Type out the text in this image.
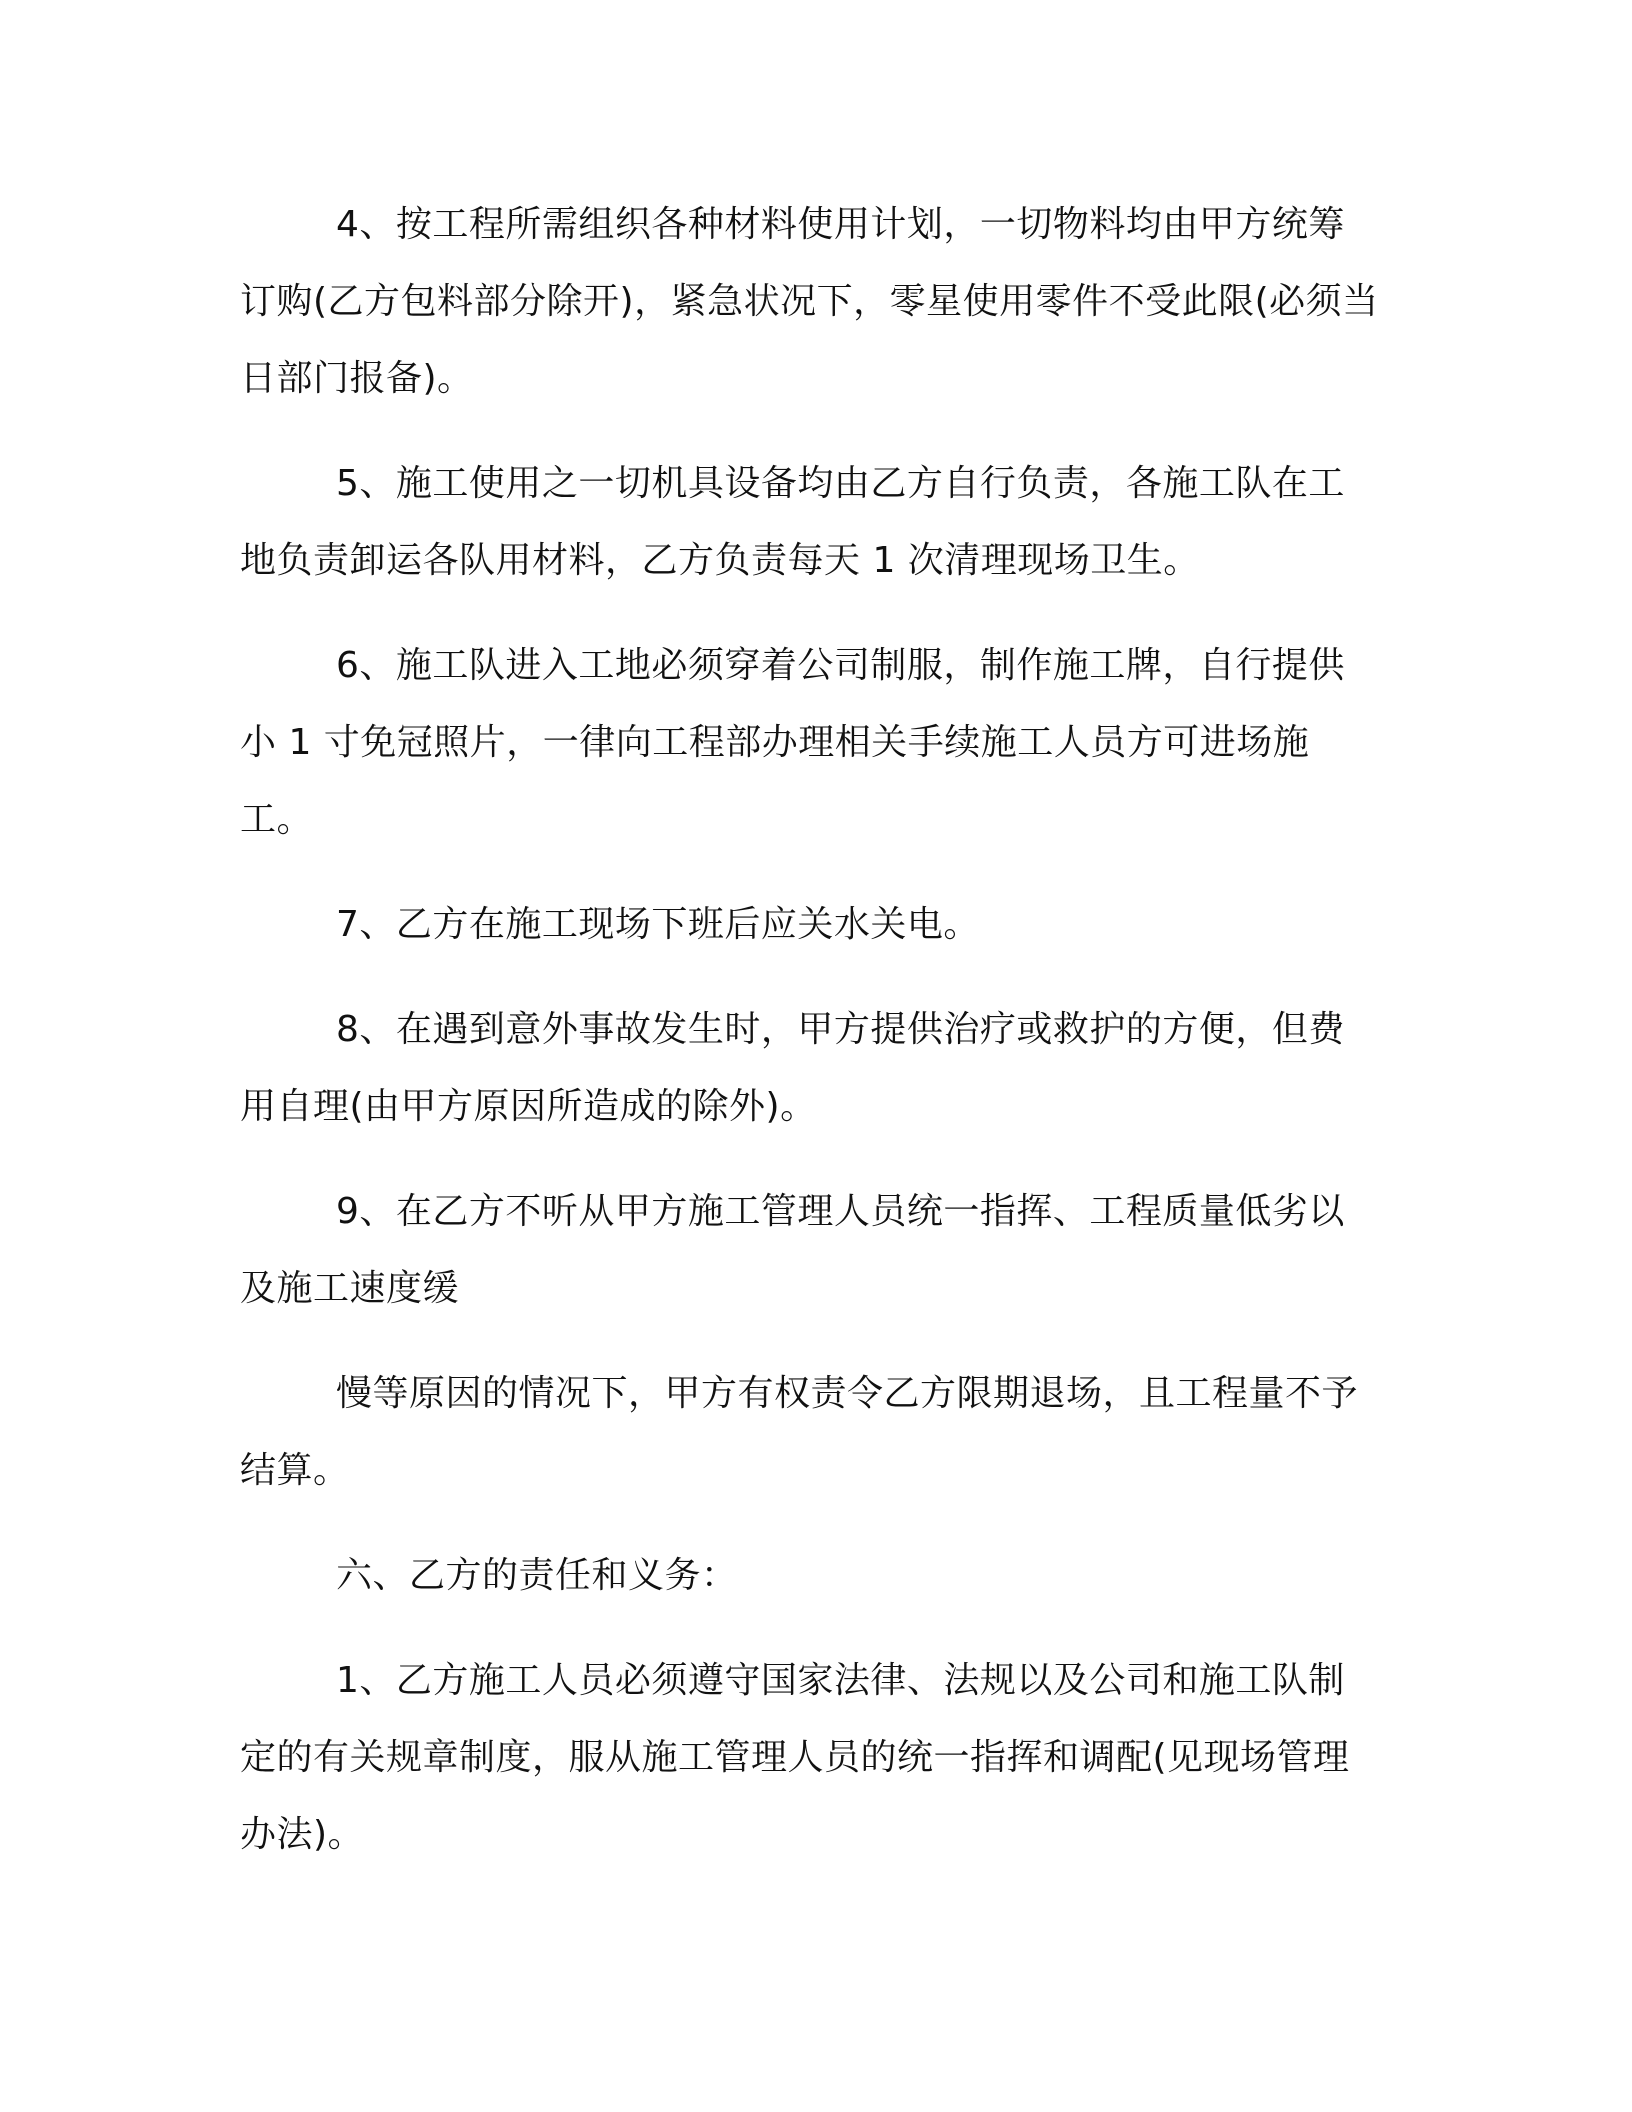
4、按工程所需组织各种材料使用计划，一切物料均由甲方统筹订购(乙方包料部分除开)，紧急状况下，零星使用零件不受此限(必须当日部门报备)。

5、施工使用之一切机具设备均由乙方自行负责，各施工队在工地负责卸运各队用材料，乙方负责每天 1 次清理现场卫生。

6、施工队进入工地必须穿着公司制服，制作施工牌，自行提供小 1 寸免冠照片，一律向工程部办理相关手续施工人员方可进场施工。

7、乙方在施工现场下班后应关水关电。

8、在遇到意外事故发生时，甲方提供治疗或救护的方便，但费用自理(由甲方原因所造成的除外)。

9、在乙方不听从甲方施工管理人员统一指挥、工程质量低劣以及施工速度缓

慢等原因的情况下，甲方有权责令乙方限期退场，且工程量不予结算。

六、乙方的责任和义务：

1、乙方施工人员必须遵守国家法律、法规以及公司和施工队制定的有关规章制度，服从施工管理人员的统一指挥和调配(见现场管理办法)。
